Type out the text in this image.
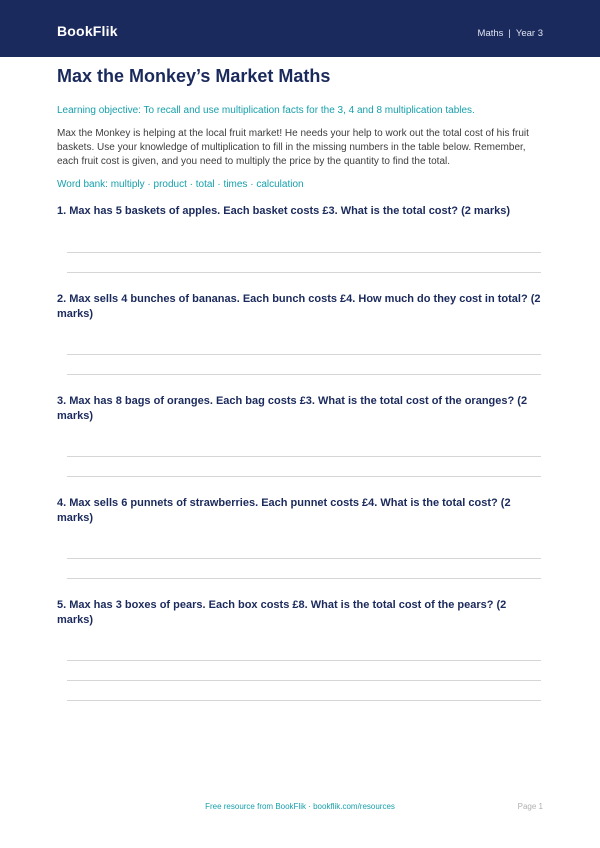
BookFlik	Maths | Year 3
Max the Monkey’s Market Maths
Learning objective: To recall and use multiplication facts for the 3, 4 and 8 multiplication tables.
Max the Monkey is helping at the local fruit market! He needs your help to work out the total cost of his fruit baskets. Use your knowledge of multiplication to fill in the missing numbers in the table below. Remember, each fruit cost is given, and you need to multiply the price by the quantity to find the total.
Word bank: multiply · product · total · times · calculation
1. Max has 5 baskets of apples. Each basket costs £3. What is the total cost? (2 marks)
2. Max sells 4 bunches of bananas. Each bunch costs £4. How much do they cost in total? (2 marks)
3. Max has 8 bags of oranges. Each bag costs £3. What is the total cost of the oranges? (2 marks)
4. Max sells 6 punnets of strawberries. Each punnet costs £4. What is the total cost? (2 marks)
5. Max has 3 boxes of pears. Each box costs £8. What is the total cost of the pears? (2 marks)
Free resource from BookFlik · bookflik.com/resources	Page 1
